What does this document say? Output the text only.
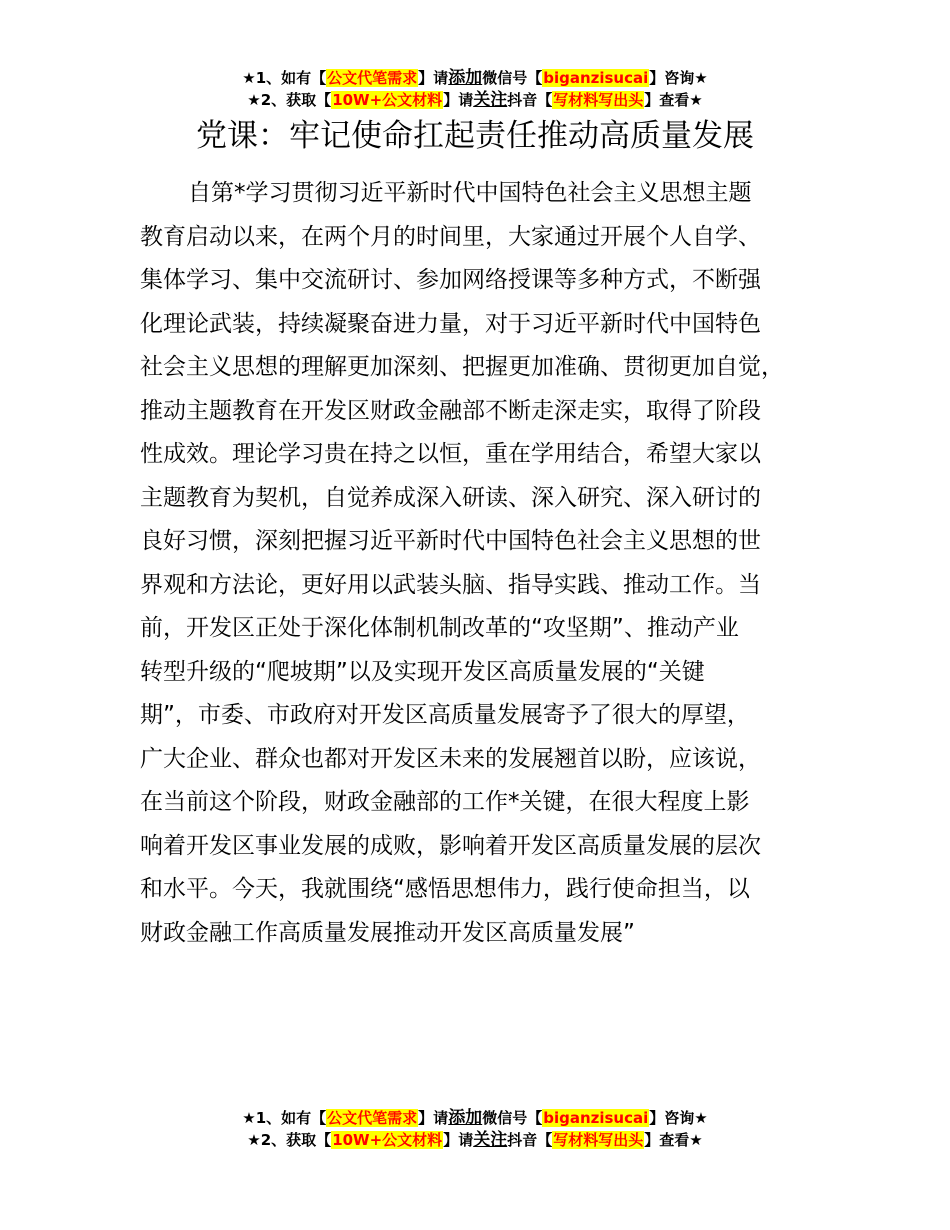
★1、如有【公文代笔需求】请添加微信号【biganzisucai】咨询★
★2、获取【10W+公文材料】请关注抖音【写材料写出头】查看★
党课：牢记使命扛起责任推动高质量发展
自第*学习贯彻习近平新时代中国特色社会主义思想主题
教育启动以来，在两个月的时间里，大家通过开展个人自学、
集体学习、集中交流研讨、参加网络授课等多种方式，不断强
化理论武装，持续凝聚奋进力量，对于习近平新时代中国特色
社会主义思想的理解更加深刻、把握更加准确、贯彻更加自觉，
推动主题教育在开发区财政金融部不断走深走实，取得了阶段
性成效。理论学习贵在持之以恒，重在学用结合，希望大家以
主题教育为契机，自觉养成深入研读、深入研究、深入研讨的
良好习惯，深刻把握习近平新时代中国特色社会主义思想的世
界观和方法论，更好用以武装头脑、指导实践、推动工作。当
前，开发区正处于深化体制机制改革的“攻坚期”、推动产业
转型升级的“爬坡期”以及实现开发区高质量发展的“关键
期”，市委、市政府对开发区高质量发展寄予了很大的厚望，
广大企业、群众也都对开发区未来的发展翘首以盼，应该说，
在当前这个阶段，财政金融部的工作*关键，在很大程度上影
响着开发区事业发展的成败，影响着开发区高质量发展的层次
和水平。今天，我就围绕“感悟思想伟力，践行使命担当，以
财政金融工作高质量发展推动开发区高质量发展”
★1、如有【公文代笔需求】请添加微信号【biganzisucai】咨询★
★2、获取【10W+公文材料】请关注抖音【写材料写出头】查看★
